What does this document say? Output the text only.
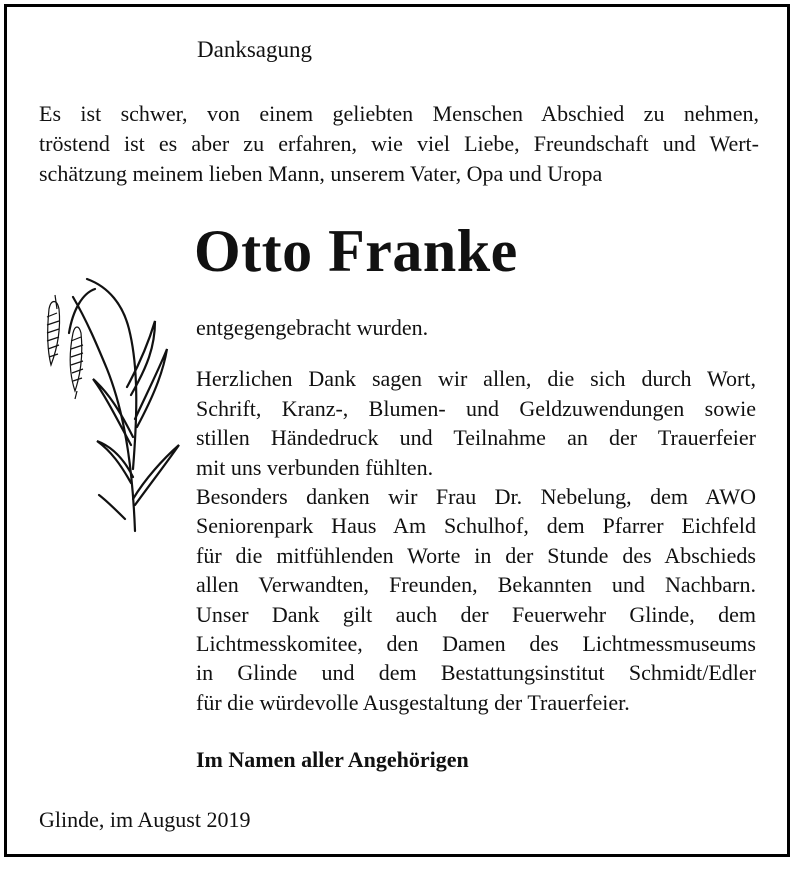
Danksagung

Es ist schwer, von einem geliebten Menschen Abschied zu nehmen,
tröstend ist es aber zu erfahren, wie viel Liebe, Freundschaft und Wert-
schätzung meinem lieben Mann, unserem Vater, Opa und Uropa

Otto Franke

entgegengebracht wurden.

Herzlichen Dank sagen wir allen, die sich durch Wort,
Schrift, Kranz-, Blumen- und Geldzuwendungen sowie
stillen Händedruck und Teilnahme an der Trauerfeier
mit uns verbunden fühlten.
Besonders danken wir Frau Dr. Nebelung, dem AWO
Seniorenpark Haus Am Schulhof, dem Pfarrer Eichfeld
für die mitfühlenden Worte in der Stunde des Abschieds
allen Verwandten, Freunden, Bekannten und Nachbarn.
Unser Dank gilt auch der Feuerwehr Glinde, dem
Lichtmesskomitee, den Damen des Lichtmessmuseums
in Glinde und dem Bestattungsinstitut Schmidt/Edler
für die würdevolle Ausgestaltung der Trauerfeier.

Im Namen aller Angehörigen
Glinde, im August 2019
